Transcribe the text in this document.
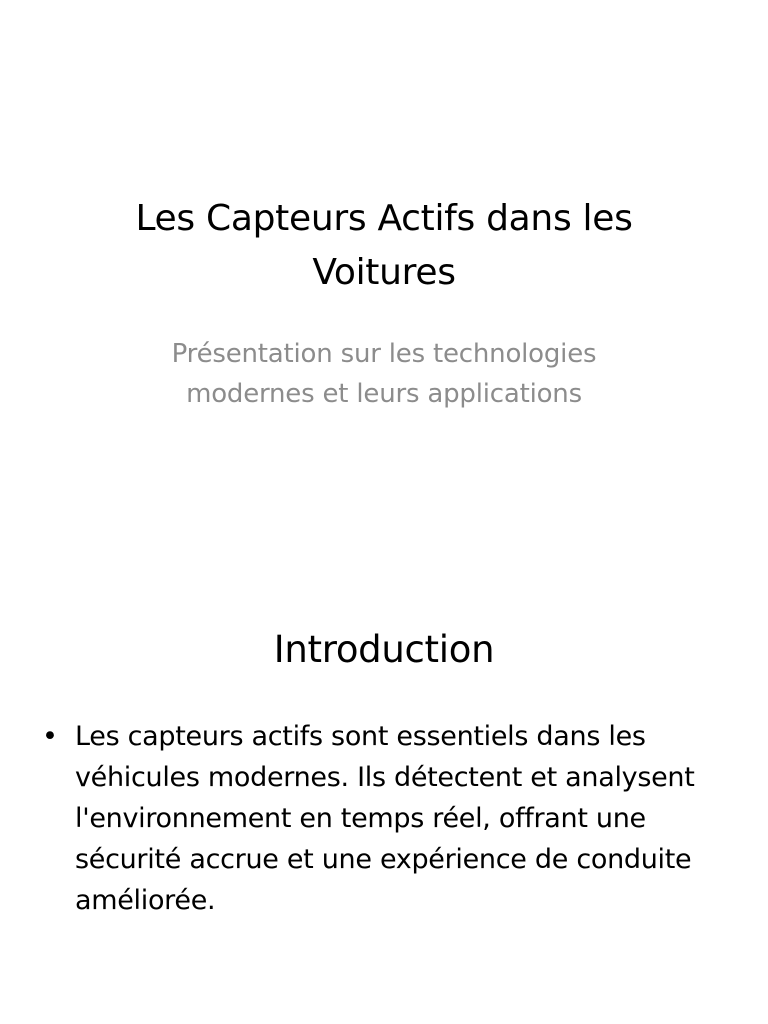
Les Capteurs Actifs dans les Voitures
Présentation sur les technologies modernes et leurs applications
Introduction
• Les capteurs actifs sont essentiels dans les véhicules modernes. Ils détectent et analysent l'environnement en temps réel, offrant une sécurité accrue et une expérience de conduite améliorée.
